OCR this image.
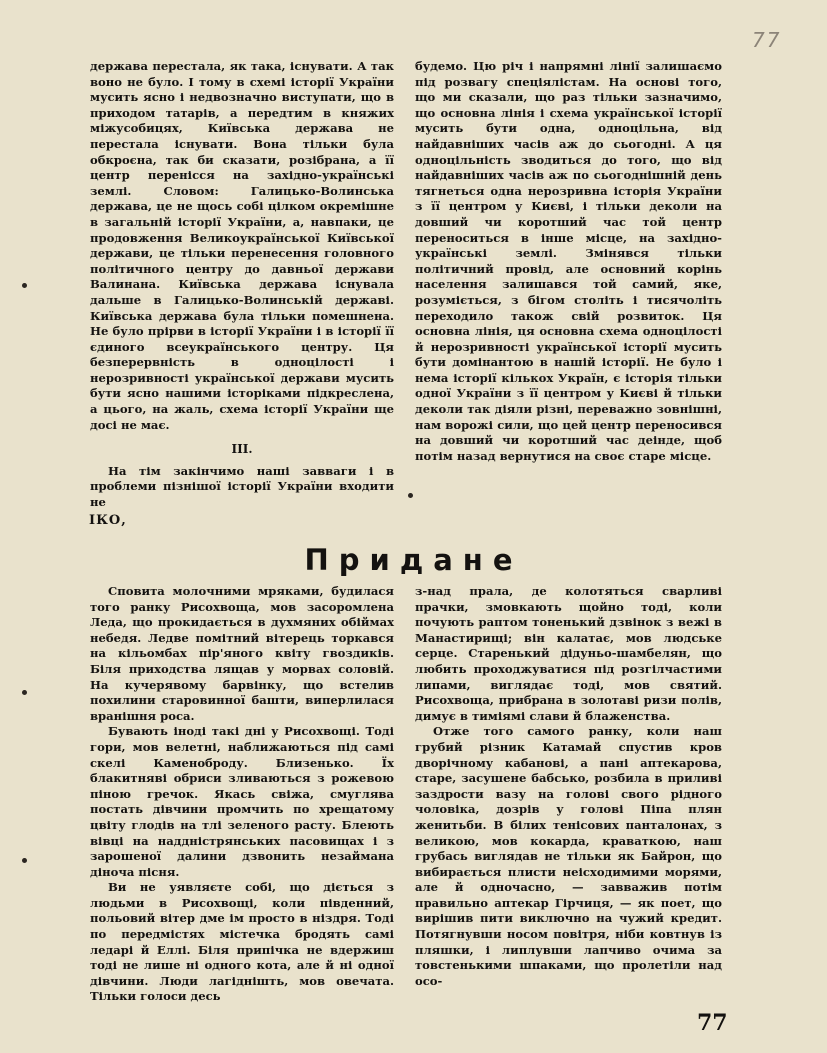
77

держава перестала, як така, існувати. А так воно не було. І тому в схемі історії України мусить ясно і недвозначно виступати, що в приходом татарів, а передтим в княжих міжусобицях, Київська держава не перестала існувати. Вона тільки була обкроєна, так би сказати, розібрана, а її центр перенісся на західно-українські землі. Словом: Галицько-Волинська держава, це не щось собі цілком окремішне в загальній історії України, а, навпаки, це продовження Великоукраїнської Київської держави, це тільки перенесення головного політичного центру до давньої держави Валинана. Київська держава існувала дальше в Галицько-Волинській державі. Київська держава була тільки помешнена. Не було прірви в історії України і в історії її єдиного всеукраїнського центру. Ця безперервність в одноцілості і нерозривності української держави мусить бути ясно нашими історіками підкреслена, а цього, на жаль, схема історії України ще досі не має.

III.

На тім закінчимо наші завваги і в проблеми пізнішої історії України входити не

будемо. Цю річ і напрямні лінії залишаємо під розвагу спеціялістам. На основі того, що ми сказали, що раз тільки зазначимо, що основна лінія і схема української історії мусить бути одна, одноцільна, від найдавніших часів аж до сьогодні. А ця одноцільність зводиться до того, що від найдавніших часів аж по сьогоднішній день тягнеться одна нерозривна історія України з її центром у Києві, і тільки деколи на довший чи коротший час той центр переноситься в інше місце, на західно-українські землі. Змінявся тільки політичний провід, але основний корінь населення залишався той самий, яке, розуміється, з бігом століть і тисячоліть переходило також свій розвиток. Ця основна лінія, ця основна схема одноцілості й нерозривності української історії мусить бути домінантою в нашій історії. Не було і нема історії кількох Україн, є історія тільки одної України з її центром у Києві й тільки деколи так діяли різні, переважно зовнішні, нам ворожі сили, що цей центр переносився на довший чи коротший час деінде, щоб потім назад вернутися на своє старе місце.

ІКО,
Придане

Сповита молочними мряками, будилася того ранку Рисохвоща, мов засоромлена Леда, що прокидається в духмяних обіймах небедя. Ледве помітний вітерець торкався на кільомбах пір'яного квіту гвоздиків. Біля приходства лящав у морвах соловій. На кучерявому барвінку, що встелив похилини старовинної башти, виперлилася вранішня роса.

Бувають іноді такі дні у Рисохвощі. Тоді гори, мов велетні, наближаються під самі скелі Каменоброду. Близенько. Їх блакитняві обриси зливаються з рожевою піною гречок. Якась свіжа, смуглява постать дівчини промчить по хрещатому цвіту глодів на тлі зеленого расту. Блеють вівці на наддністрянських пасовищах і з зарошеної далини дзвонить незаймана діноча пісня.

Ви не уявляєте собі, що діється з людьми в Рисохвощі, коли південний, польовий вітер дме ім просто в ніздря. Тоді по передмістях містечка бродять самі ледарі й Еллі. Біля припічка не вдержиш тоді не лише ні одного кота, але й ні одної дівчини. Люди лагіднішть, мов овечата. Тільки голоси десь

з-над прала, де колотяться сварливі прачки, змовкають щойно тоді, коли почують раптом тоненький дзвінок з вежі в Манастирищі; він калатає, мов людське серце. Старенький дідуньо-шамбелян, що любить проходжуватися під розгілчастими липами, виглядає тоді, мов святий. Рисохвоща, прибрана в золотаві ризи полів, димує в тиміямі слави й блаженства.

Отже того самого ранку, коли наш грубий різник Катамай спустив кров дворічному кабанові, а пані аптекарова, старе, засушене бабсько, розбила в приливі заздрости вазу на голові свого рідного чоловіка, дозрів у голові Піпа плян женитьби. В білих тенісових панталонах, з великою, мов кокарда, краваткою, наш грубась виглядав не тільки як Байрон, що вибирається плисти неісходимими морями, але й одночасно, — завважив потім правильно аптекар Гірчиця, — як поет, що вирішив пити виключно на чужий кредит. Потягнувши носом повітря, ніби ковтнув із пляшки, і липлувши лапчиво очима за товстенькими шпаками, що пролетіли над осо-

77
